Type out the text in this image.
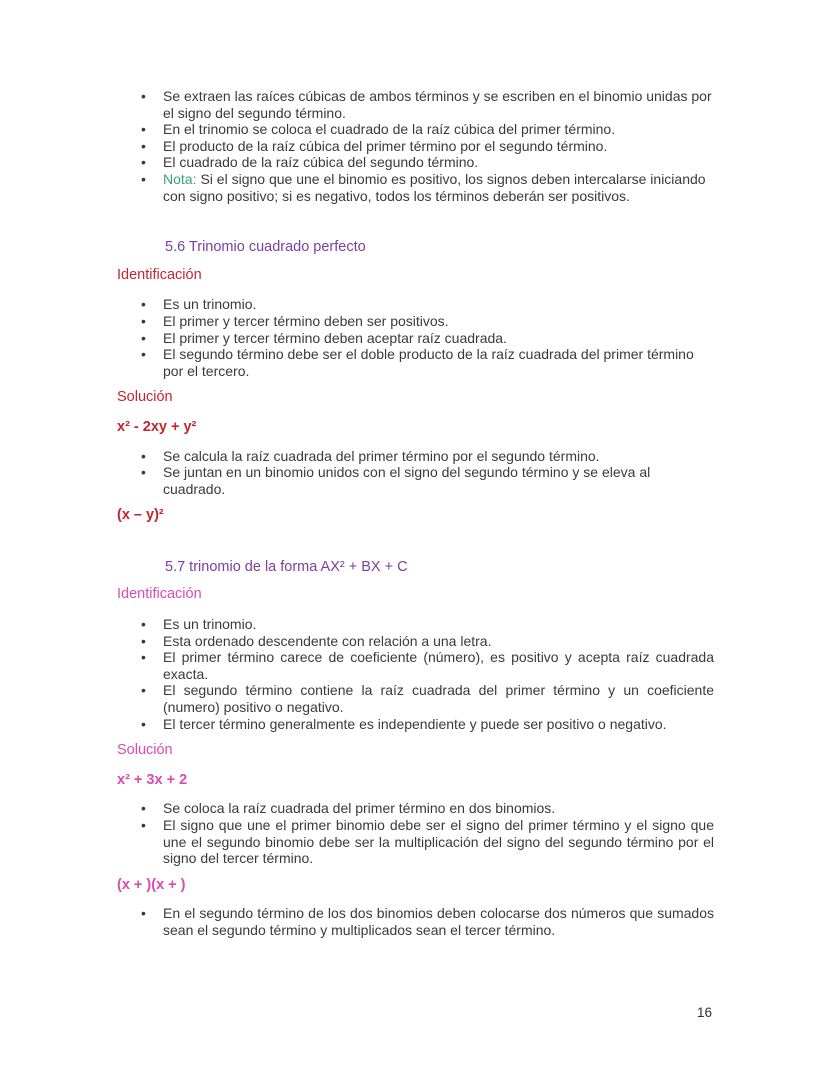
• Se extraen las raíces cúbicas de ambos términos y se escriben en el binomio unidas por el signo del segundo término.
• En el trinomio se coloca el cuadrado de la raíz cúbica del primer término.
• El producto de la raíz cúbica del primer término por el segundo término.
• El cuadrado de la raíz cúbica del segundo término.
• Nota: Si el signo que une el binomio es positivo, los signos deben intercalarse iniciando con signo positivo; si es negativo, todos los términos deberán ser positivos.
5.6 Trinomio cuadrado perfecto
Identificación
• Es un trinomio.
• El primer y tercer término deben ser positivos.
• El primer y tercer término deben aceptar raíz cuadrada.
• El segundo término debe ser el doble producto de la raíz cuadrada del primer término por el tercero.
Solución
x² - 2xy + y²
• Se calcula la raíz cuadrada del primer término por el segundo término.
• Se juntan en un binomio unidos con el signo del segundo término y se eleva al cuadrado.
(x – y)²
5.7 trinomio de la forma AX² + BX + C
Identificación
• Es un trinomio.
• Esta ordenado descendente con relación a una letra.
• El primer término carece de coeficiente (número), es positivo y acepta raíz cuadrada exacta.
• El segundo término contiene la raíz cuadrada del primer término y un coeficiente (numero) positivo o negativo.
• El tercer término generalmente es independiente y puede ser positivo o negativo.
Solución
x² + 3x + 2
• Se coloca la raíz cuadrada del primer término en dos binomios.
• El signo que une el primer binomio debe ser el signo del primer término y el signo que une el segundo binomio debe ser la multiplicación del signo del segundo término por el signo del tercer término.
(x + )(x + )
• En el segundo término de los dos binomios deben colocarse dos números que sumados sean el segundo término y multiplicados sean el tercer término.
16
